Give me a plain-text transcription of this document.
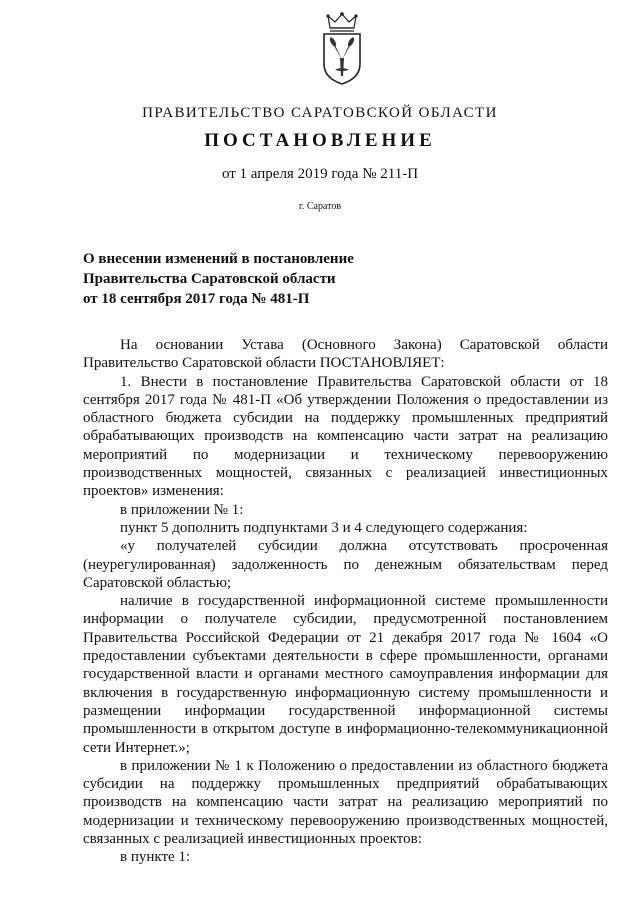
ПРАВИТЕЛЬСТВО САРАТОВСКОЙ ОБЛАСТИ
ПОСТАНОВЛЕНИЕ
от 1 апреля 2019 года № 211-П
г. Саратов
О внесении изменений в постановление
Правительства Саратовской области
от 18 сентября 2017 года № 481-П

На основании Устава (Основного Закона) Саратовской области Правительство Саратовской области ПОСТАНОВЛЯЕТ:

1. Внести в постановление Правительства Саратовской области от 18 сентября 2017 года № 481-П «Об утверждении Положения о предоставлении из областного бюджета субсидии на поддержку промышленных предприятий обрабатывающих производств на компенсацию части затрат на реализацию мероприятий по модернизации и техническому перевооружению производственных мощностей, связанных с реализацией инвестиционных проектов» изменения:

в приложении № 1:

пункт 5 дополнить подпунктами 3 и 4 следующего содержания:

«у получателей субсидии должна отсутствовать просроченная (неурегулированная) задолженность по денежным обязательствам перед Саратовской областью;

наличие в государственной информационной системе промышленности информации о получателе субсидии, предусмотренной постановлением Правительства Российской Федерации от 21 декабря 2017 года № 1604 «О предоставлении субъектами деятельности в сфере промышленности, органами государственной власти и органами местного самоуправления информации для включения в государственную информационную систему промышленности и размещении информации государственной информационной системы промышленности в открытом доступе в информационно-телекоммуникационной сети Интернет.»;

в приложении № 1 к Положению о предоставлении из областного бюджета субсидии на поддержку промышленных предприятий обрабатывающих производств на компенсацию части затрат на реализацию мероприятий по модернизации и техническому перевооружению производственных мощностей, связанных с реализацией инвестиционных проектов:

в пункте 1:
